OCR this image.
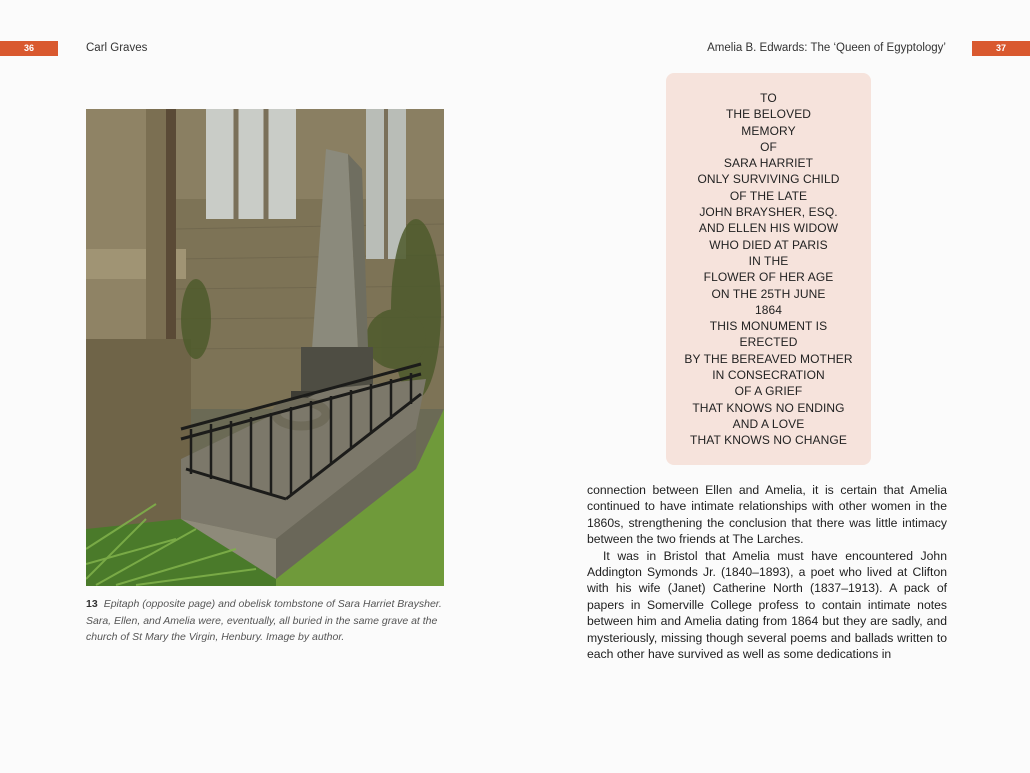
36	Carl Graves
13 Epitaph (opposite page) and obelisk tombstone of Sara Harriet Braysher. Sara, Ellen, and Amelia were, eventually, all buried in the same grave at the church of St Mary the Virgin, Henbury. Image by author.
Amelia B. Edwards: The ‘Queen of Egyptology’	37
TO
THE BELOVED
MEMORY
OF
SARA HARRIET
ONLY SURVIVING CHILD
OF THE LATE
JOHN BRAYSHER, ESQ.
AND ELLEN HIS WIDOW
WHO DIED AT PARIS
IN THE
FLOWER OF HER AGE
ON THE 25TH JUNE
1864
THIS MONUMENT IS
ERECTED
BY THE BEREAVED MOTHER
IN CONSECRATION
OF A GRIEF
THAT KNOWS NO ENDING
AND A LOVE
THAT KNOWS NO CHANGE

connection between Ellen and Amelia, it is certain that Amelia continued to have intimate relationships with other women in the 1860s, strengthening the conclusion that there was little intimacy between the two friends at The Larches.

It was in Bristol that Amelia must have encountered John Addington Symonds Jr. (1840–1893), a poet who lived at Clifton with his wife (Janet) Catherine North (1837–1913). A pack of papers in Somerville College profess to contain intimate notes between him and Amelia dating from 1864 but they are sadly, and mysteriously, missing though several poems and ballads written to each other have survived as well as some dedications in
